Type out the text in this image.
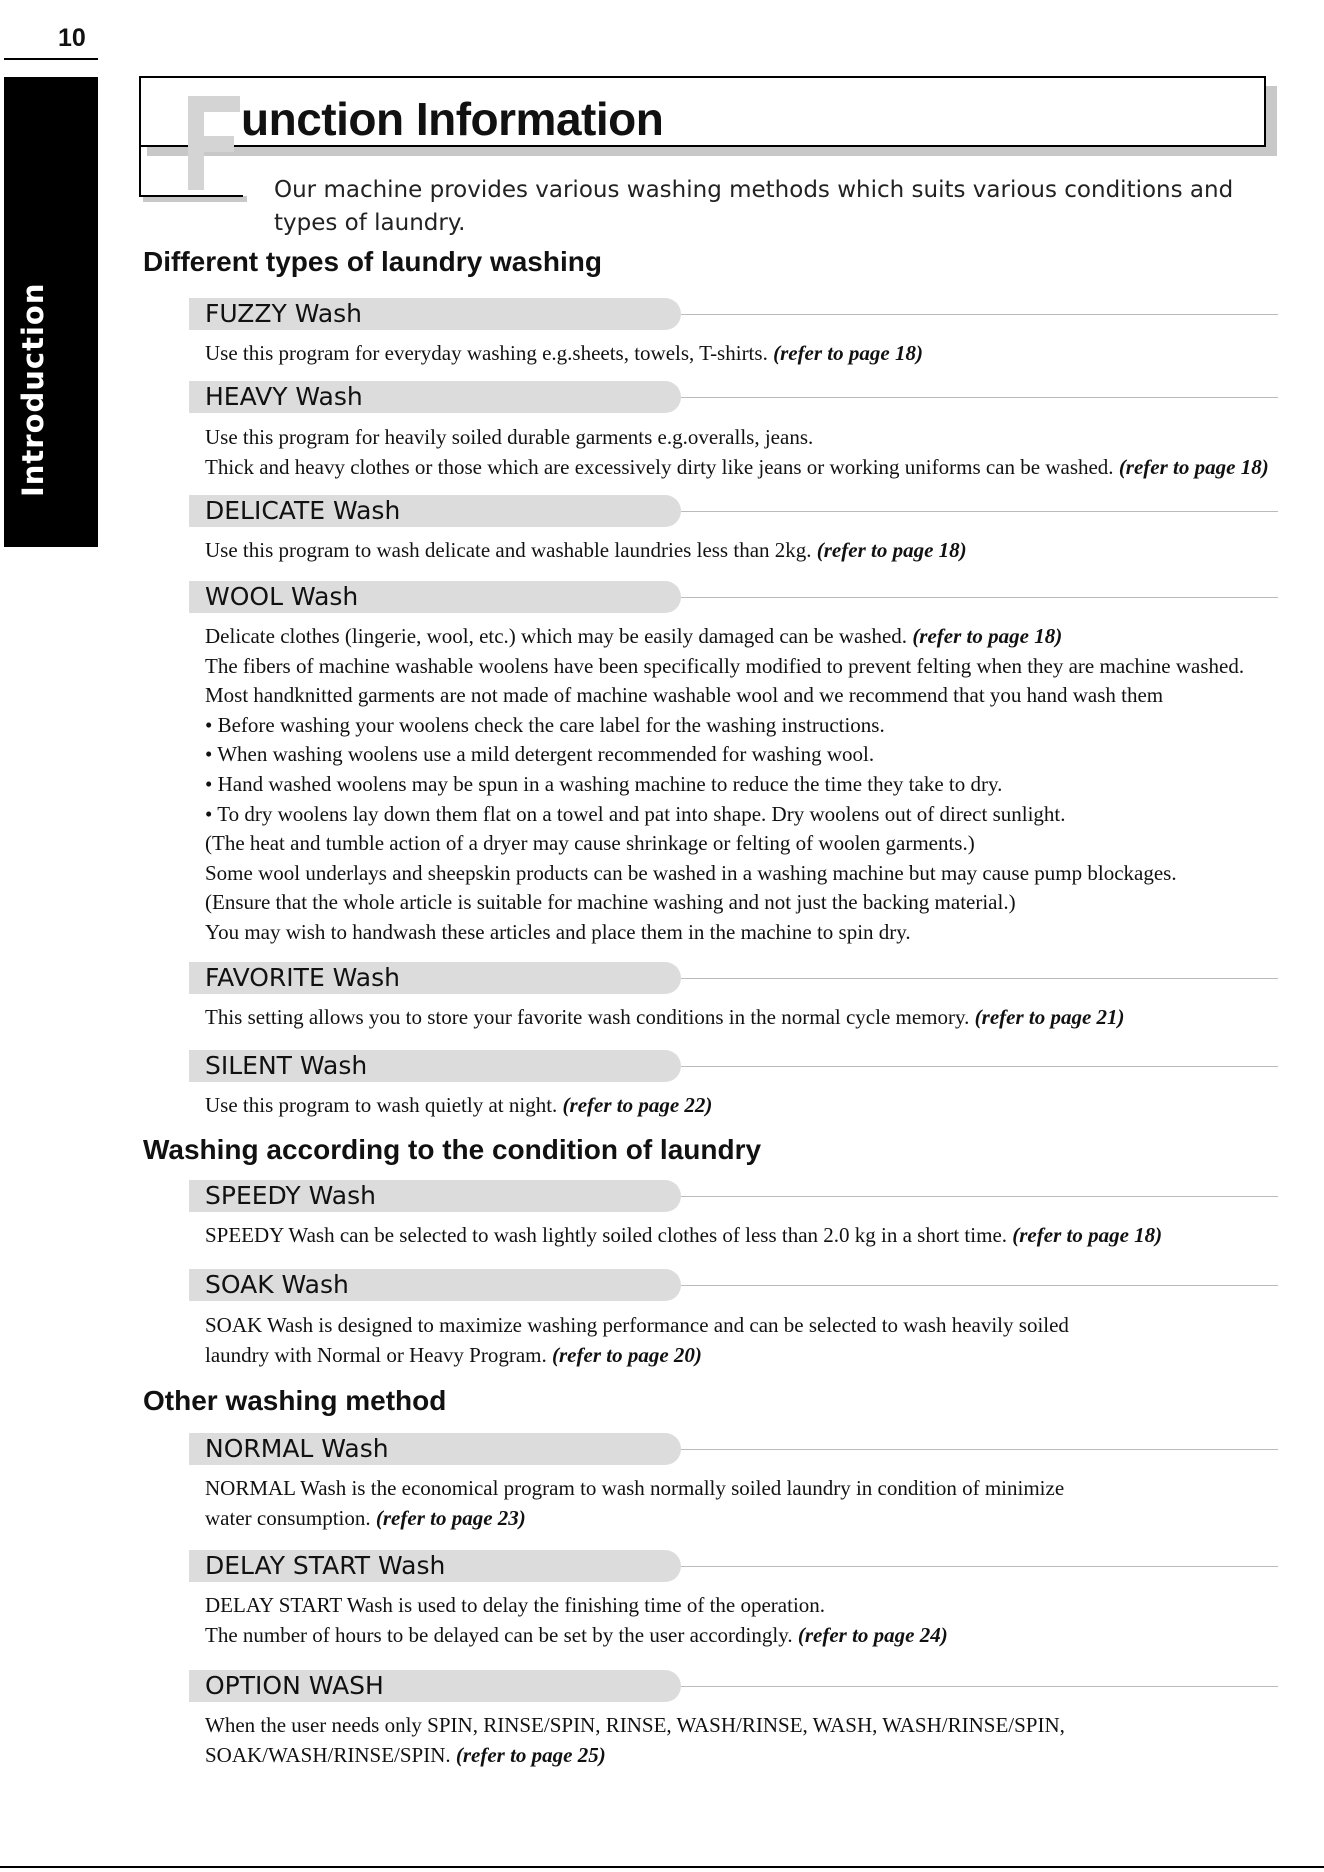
10
Introduction
unction Information
Our machine provides various washing methods which suits various conditions and types of laundry.
Different types of laundry washing
Washing according to the condition of laundry
Other washing method
FUZZY Wash

Use this program for everyday washing e.g.sheets, towels, T-shirts. (refer to page 18)

HEAVY Wash

Use this program for heavily soiled durable garments e.g.overalls, jeans.

Thick and heavy clothes or those which are excessively dirty like jeans or working uniforms can be washed. (refer to page 18)

DELICATE Wash

Use this program to wash delicate and washable laundries less than 2kg. (refer to page 18)

WOOL Wash

Delicate clothes (lingerie, wool, etc.) which may be easily damaged can be washed. (refer to page 18)

The fibers of machine washable woolens have been specifically modified to prevent felting when they are machine washed.

Most handknitted garments are not made of machine washable wool and we recommend that you hand wash them

• Before washing your woolens check the care label for the washing instructions.

• When washing woolens use a mild detergent recommended for washing wool.

• Hand washed woolens may be spun in a washing machine to reduce the time they take to dry.

• To dry woolens lay down them flat on a towel and pat into shape. Dry woolens out of direct sunlight.

(The heat and tumble action of a dryer may cause shrinkage or felting of woolen garments.)

Some wool underlays and sheepskin products can be washed in a washing machine but may cause pump blockages.

(Ensure that the whole article is suitable for machine washing and not just the backing material.)

You may wish to handwash these articles and place them in the machine to spin dry.

FAVORITE Wash

This setting allows you to store your favorite wash conditions in the normal cycle memory. (refer to page 21)

SILENT Wash

Use this program to wash quietly at night. (refer to page 22)

SPEEDY Wash

SPEEDY Wash can be selected to wash lightly soiled clothes of less than 2.0 kg in a short time. (refer to page 18)

SOAK Wash

SOAK Wash is designed to maximize washing performance and can be selected to wash heavily soiled

laundry with Normal or Heavy Program. (refer to page 20)

NORMAL Wash

NORMAL Wash is the economical program to wash normally soiled laundry in condition of minimize

water consumption. (refer to page 23)

DELAY START Wash

DELAY START Wash is used to delay the finishing time of the operation.

The number of hours to be delayed can be set by the user accordingly. (refer to page 24)

OPTION WASH

When the user needs only SPIN, RINSE/SPIN, RINSE, WASH/RINSE, WASH, WASH/RINSE/SPIN,

SOAK/WASH/RINSE/SPIN. (refer to page 25)
